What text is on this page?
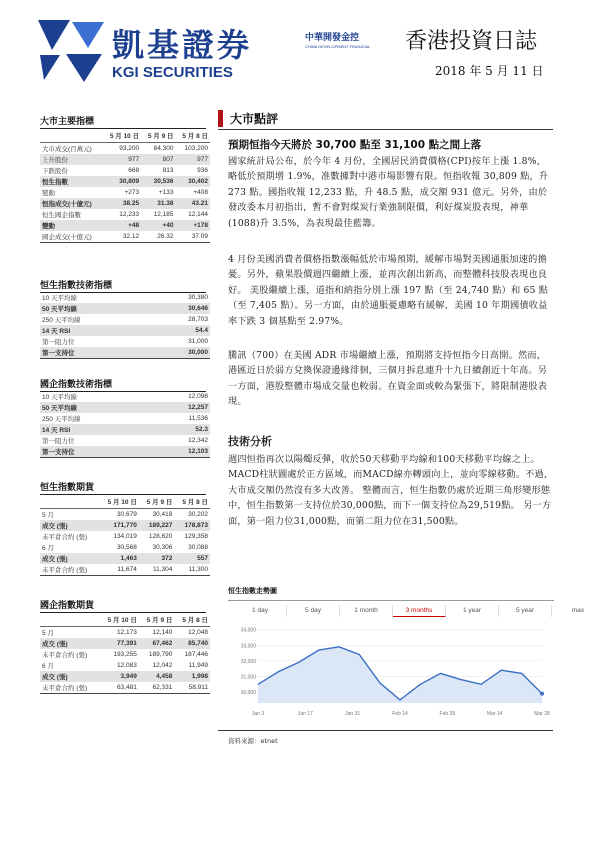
凱基證券
KGI SECURITIES
中華開發金控
CHINA DEVELOPMENT FINANCIAL 香港投資日誌
2018 年 5 月 11 日
大市主要指標
	5 月 10 日	5 月 9 日	5 月 8 日
大市成交(百萬元)	93,200	84,300	103,200
上升股份	977	807	977
下跌股份	668	813	936
恒生指數	30,809	30,536	30,402
變動	+273	+133	+408
恒指成交(十億元)	38.25	31.38	43.21
恒生國企指數	12,233	12,185	12,144
變動	+48	+40	+178
國企成交(十億元)	32.12	26.32	37.09
恒生指數技術指標
10 天平均線	30,380
50 天平均線	30,646
250 天平均線	28,703
14 天 RSI	54.4
第一阻力位	31,000
第一支持位	30,000
國企指數技術指標
10 天平均線	12,098
50 天平均線	12,257
250 天平均線	11,536
14 天 RSI	52.3
第一阻力位	12,342
第一支持位	12,103
恒生指數期貨
	5 月 10 日	5 月 9 日	5 月 8 日
5 月	30,679	30,418	30,202
成交 (張)	171,770	189,227	178,873
未平倉合約 (張)	134,019	128,620	129,358
6 月	30,568	30,306	30,088
成交 (張)	1,463	372	557
未平倉合約 (張)	11,674	11,304	11,300
國企指數期貨
	5 月 10 日	5 月 9 日	5 月 8 日
5 月	12,173	12,140	12,048
成交 (張)	77,391	67,462	85,740
未平倉合約 (張)	193,255	189,790	187,446
6 月	12,083	12,042	11,949
成交 (張)	3,949	4,458	1,998
未平倉合約 (張)	63,481	62,331	58,911
大市點評
預期恒指今天將於 30,700 點至 31,100 點之間上落
國家統計局公布，於今年 4 月份，全國居民消費價格(CPI)按年上漲 1.8%，略低於預期增 1.9%，准數據對中港市場影響有限。恒指收報 30,809 點，升 273 點。國指收報 12,233 點，升 48.5 點，成交額 931 億元。另外，由於發改委本月初指出，暫不會對煤炭行業強制限價，利好煤炭股表現，神華(1088)升 3.5%，為表現最佳藍籌。
4 月份美國消費者價格指數漲幅低於市場預期，緩解市場對美國通脹加速的擔憂。另外，蘋果股價週四繼續上漲，並再次創出新高，而整體科技股表現也良好。 美股繼續上漲，道指和納指分別上漲 197 點（至 24,740 點）和 65 點（至 7,405 點）。另一方面，由於通脹憂慮略有緩解，美國 10 年期國債收益率下跌 3 個基點至 2.97%。
騰訊（700）在美國 ADR 市場繼續上漲，預期將支持恒指今日高開。然而，港匯近日於弱方兌換保證邊緣徘徊，三個月拆息連升十九日續創近十年高。另一方面，港股整體市場成交量也較弱。在資金面或較為緊張下，將限制港股表現。
技術分析
週四恒指再次以陽燭反彈，收於50天移動平均線和100天移動平均線之上。 MACD柱狀圖處於正方區域，而MACD線亦轉頭向上，並向零線移動。不過，大市成交額仍然沒有多大改善。 整體而言，恒生指數仍處於近期三角形變形態中，恒生指數第一支持位於30,000點，而下一個支持位為29,519點。 另一方面，第一阻力位31,000點，而第二阻力位在31,500點。
恒生指數走勢圖
1 day	5 day	1 month	3 months	1 year	5 year	max
30,000
31,000
32,000
33,000
34,000
Jan 3	Jan 17	Jan 31	Feb 14	Feb 28	Mar 14	Mar 28
資料來源：etnet
